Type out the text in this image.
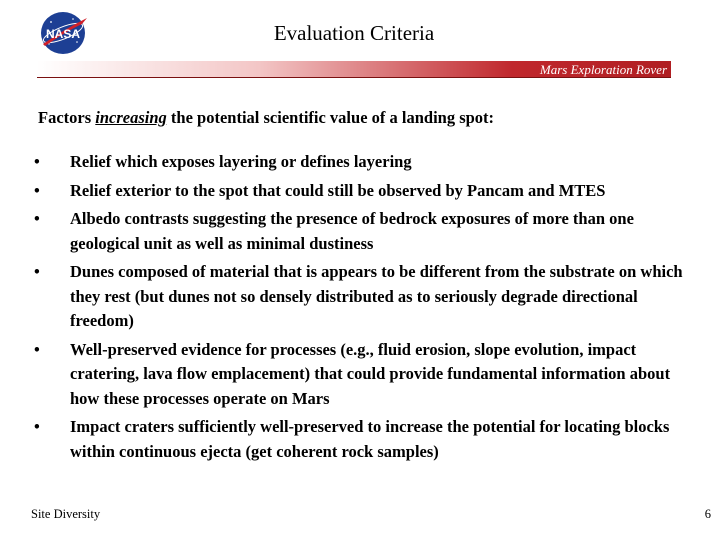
NASA	Evaluation Criteria
Mars Exploration Rover
Factors increasing the potential scientific value of a landing spot:
•	Relief which exposes layering or defines layering
•	Relief exterior to the spot that could still be observed by Pancam and MTES
•	Albedo contrasts suggesting the presence of bedrock exposures of more than one geological unit as well as minimal dustiness
•	Dunes composed of material that is appears to be different from the substrate on which they rest (but dunes not so densely distributed as to seriously degrade directional freedom)
•	Well-preserved evidence for processes (e.g., fluid erosion, slope evolution, impact cratering, lava flow emplacement) that could provide fundamental information about how these processes operate on Mars
•	Impact craters sufficiently well-preserved to increase the potential for locating blocks within continuous ejecta (get coherent rock samples)
Site Diversity	6
